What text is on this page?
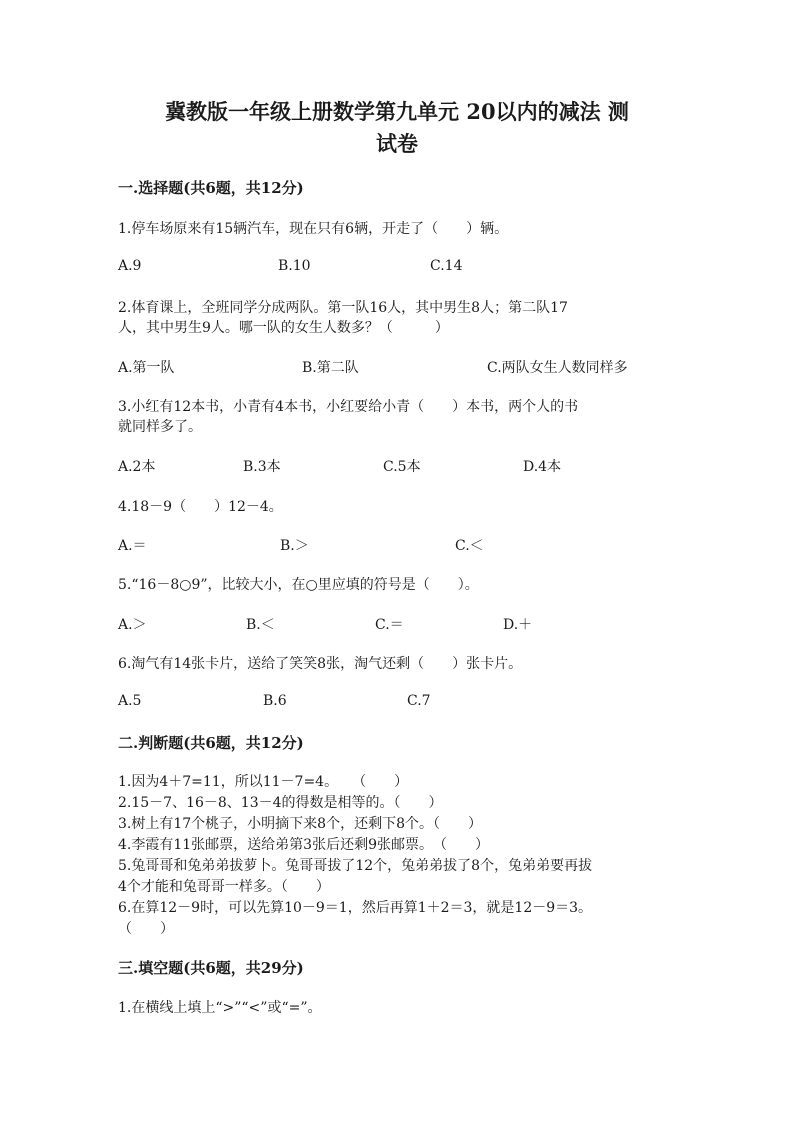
冀教版一年级上册数学第九单元 20以内的减法 测
试卷
一.选择题(共6题，共12分)
1.停车场原来有15辆汽车，现在只有6辆，开走了（　　）辆。
A.9	B.10	C.14
2.体育课上，全班同学分成两队。第一队16人，其中男生8人；第二队17
人，其中男生9人。哪一队的女生人数多？（　　　）
A.第一队	B.第二队	C.两队女生人数同样多
3.小红有12本书，小青有4本书，小红要给小青（　　）本书，两个人的书
就同样多了。
A.2本	B.3本	C.5本	D.4本
4.18－9（　　）12－4。
A.＝	B.＞	C.＜
5.“16－8○9”，比较大小，在○里应填的符号是（　　）。
A.＞	B.＜	C.＝	D.＋
6.淘气有14张卡片，送给了笑笑8张，淘气还剩（　　）张卡片。
A.5	B.6	C.7
二.判断题(共6题，共12分)
1.因为4＋7=11，所以11－7=4。　　（　　）
2.15－7、16－8、13－4的得数是相等的。（　　）
3.树上有17个桃子，小明摘下来8个，还剩下8个。（　　）
4.李霞有11张邮票，送给弟第3张后还剩9张邮票。　（　　）
5.兔哥哥和兔弟弟拔萝卜。兔哥哥拔了12个，兔弟弟拔了8个，兔弟弟要再拔
4个才能和兔哥哥一样多。（　　）
6.在算12－9时，可以先算10－9＝1，然后再算1＋2＝3，就是12－9＝3。
（　　）
三.填空题(共6题，共29分)
1.在横线上填上“>”“<”或“=”。
